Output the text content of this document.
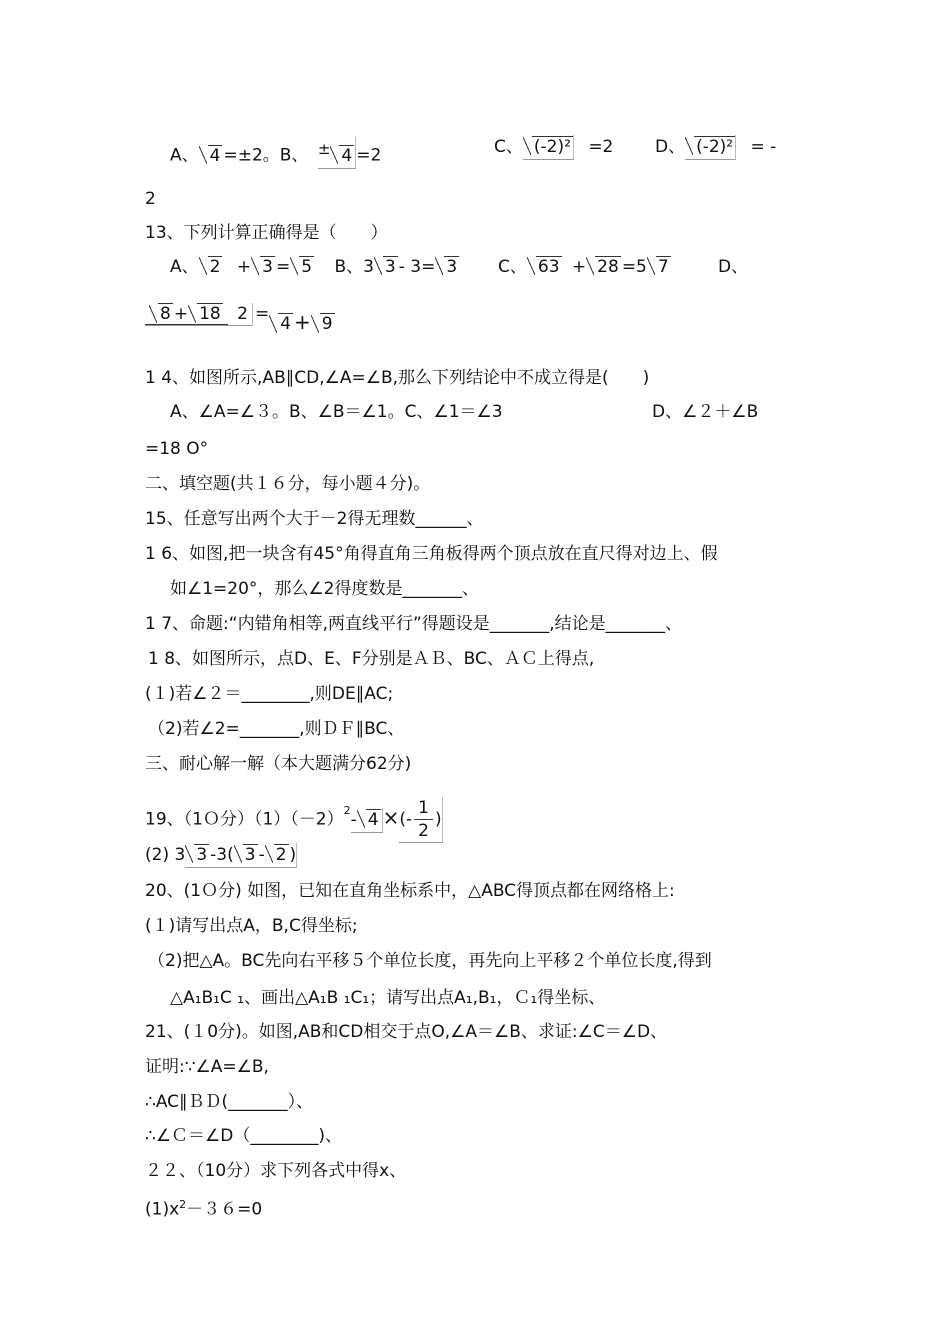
A、 4 =±2。B、 ± 4 =2	C、 (-2)² =2 D、 (-2)² = -
2
13、下列计算正确得是（　　）
A、 2 + 3 = 5 B、3 3 - 3= 3 C、 63 + 28 =5 7	D、
8 + 18 2 = 4 + 9
1 4、如图所示,AB∥CD,∠A=∠B,那么下列结论中不成立得是(　　)
A、∠A=∠３。B、∠B＝∠1。C、∠1＝∠3	D、∠２＋∠B
=18 O°
二、填空题(共１６分，每小题４分)。
15、任意写出两个大于－2得无理数______、
1 6、如图,把一块含有45°角得直角三角板得两个顶点放在直尺得对边上、假
如∠1=20°，那么∠2得度数是_______、
1 7、命题:“内错角相等,两直线平行”得题设是_______,结论是_______、
1 8、如图所示，点D、E、F分别是ＡＢ、BC、ＡＣ上得点,
(１)若∠２＝________,则DE∥AC;
（2)若∠2=_______,则ＤＦ∥BC、
三、耐心解一解（本大题满分62分)
19、（1Ｏ分）$(1)(-2)^2-$ 4 ×(- $\frac{1}{2}$ )
(2) 3 3 -3( 3 - 2 )
20、(1Ｏ分) 如图，已知在直角坐标系中，△ABC得顶点都在网络格上:
(１)请写出点A，B,C得坐标;
（2)把△A。BC先向右平移５个单位长度，再先向上平移２个单位长度,得到
△A₁B₁C ₁、画出△A₁B ₁C₁；请写出点A₁,B₁，Ｃ₁得坐标、
21、(１0分)。如图,AB和CD相交于点O,∠A＝∠B、求证:∠C＝∠D、
证明:∵∠A=∠B,
∴AC∥ＢＤ(_______）、
∴∠Ｃ＝∠D（________)、
２２、（10分）求下列各式中得x、
$(1)x^2-36=0$
